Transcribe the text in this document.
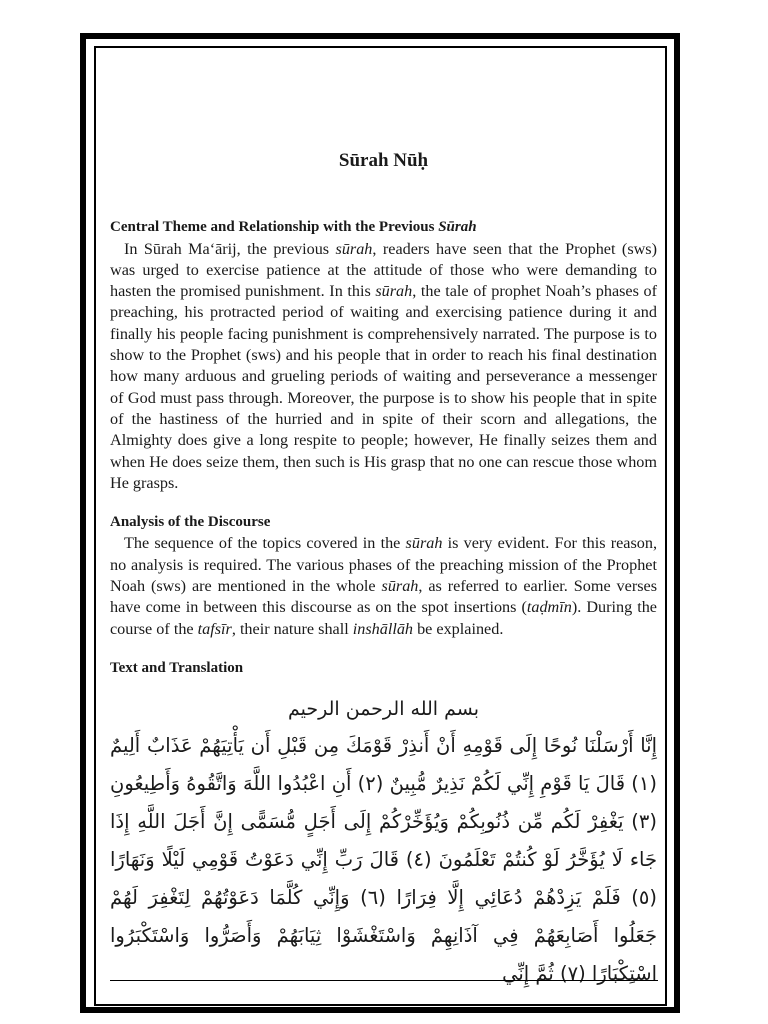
Sūrah Nūḥ
Central Theme and Relationship with the Previous Sūrah

In Sūrah Ma‘ārij, the previous sūrah, readers have seen that the Prophet (sws) was urged to exercise patience at the attitude of those who were demanding to hasten the promised punishment. In this sūrah, the tale of prophet Noah’s phases of preaching, his protracted period of waiting and exercising patience during it and finally his people facing punishment is comprehensively narrated. The purpose is to show to the Prophet (sws) and his people that in order to reach his final destination how many arduous and grueling periods of waiting and perseverance a messenger of God must pass through. Moreover, the purpose is to show his people that in spite of the hastiness of the hurried and in spite of their scorn and allegations, the Almighty does give a long respite to people; however, He finally seizes them and when He does seize them, then such is His grasp that no one can rescue those whom He grasps.

Analysis of the Discourse

The sequence of the topics covered in the sūrah is very evident. For this reason, no analysis is required. The various phases of the preaching mission of the Prophet Noah (sws) are mentioned in the whole sūrah, as referred to earlier. Some verses have come in between this discourse as on the spot insertions (taḍmīn). During the course of the tafsīr, their nature shall inshāllāh be explained.

Text and Translation
بسم الله الرحمن الرحيم

إِنَّا أَرْسَلْنَا نُوحًا إِلَى قَوْمِهِ أَنْ أَنذِرْ قَوْمَكَ مِن قَبْلِ أَن يَأْتِيَهُمْ عَذَابٌ أَلِيمٌ (١) قَالَ يَا قَوْمِ إِنِّي لَكُمْ نَذِيرٌ مُّبِينٌ (٢) أَنِ اعْبُدُوا اللَّهَ وَاتَّقُوهُ وَأَطِيعُونِ (٣) يَغْفِرْ لَكُم مِّن ذُنُوبِكُمْ وَيُؤَخِّرْكُمْ إِلَى أَجَلٍ مُّسَمًّى إِنَّ أَجَلَ اللَّهِ إِذَا جَاء لَا يُؤَخَّرُ لَوْ كُنتُمْ تَعْلَمُونَ (٤) قَالَ رَبِّ إِنِّي دَعَوْتُ قَوْمِي لَيْلًا وَنَهَارًا (٥) فَلَمْ يَزِدْهُمْ دُعَائِي إِلَّا فِرَارًا (٦) وَإِنِّي كُلَّمَا دَعَوْتُهُمْ لِتَغْفِرَ لَهُمْ جَعَلُوا أَصَابِعَهُمْ فِي آذَانِهِمْ وَاسْتَغْشَوْا ثِيَابَهُمْ وَأَصَرُّوا وَاسْتَكْبَرُوا اسْتِكْبَارًا (٧) ثُمَّ إِنِّي
